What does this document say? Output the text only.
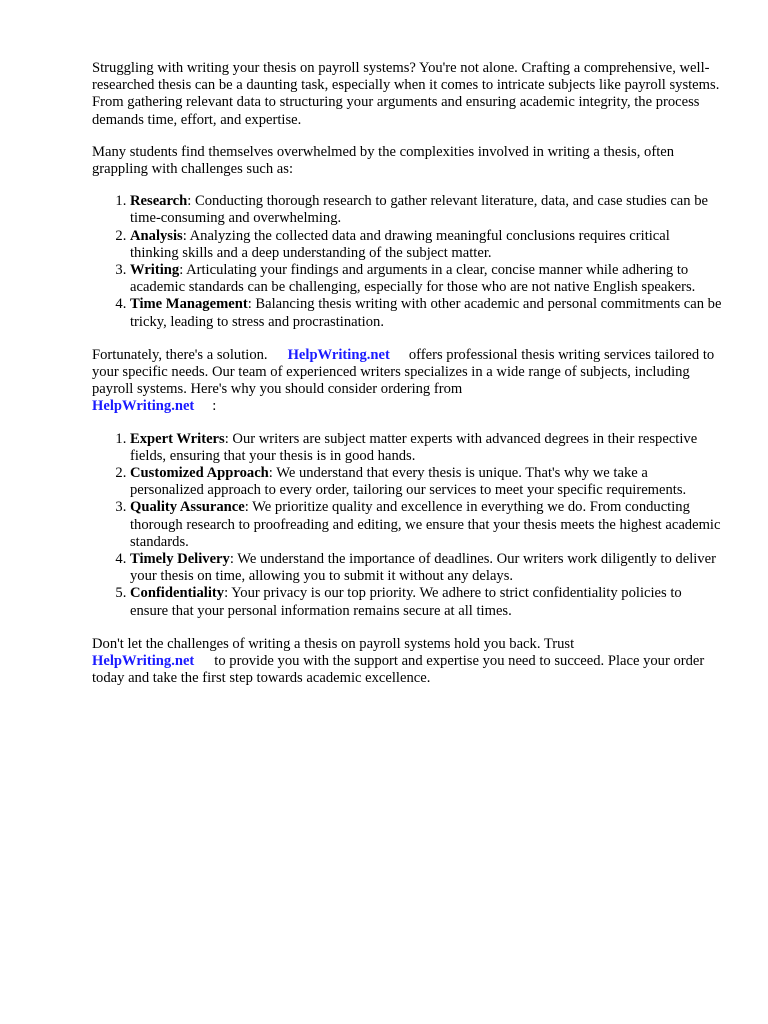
Struggling with writing your thesis on payroll systems? You're not alone. Crafting a comprehensive, well-researched thesis can be a daunting task, especially when it comes to intricate subjects like payroll systems. From gathering relevant data to structuring your arguments and ensuring academic integrity, the process demands time, effort, and expertise.

Many students find themselves overwhelmed by the complexities involved in writing a thesis, often grappling with challenges such as:

1. Research: Conducting thorough research to gather relevant literature, data, and case studies can be time-consuming and overwhelming.
2. Analysis: Analyzing the collected data and drawing meaningful conclusions requires critical thinking skills and a deep understanding of the subject matter.
3. Writing: Articulating your findings and arguments in a clear, concise manner while adhering to academic standards can be challenging, especially for those who are not native English speakers.
4. Time Management: Balancing thesis writing with other academic and personal commitments can be tricky, leading to stress and procrastination.

Fortunately, there's a solution. HelpWriting.net offers professional thesis writing services tailored to your specific needs. Our team of experienced writers specializes in a wide range of subjects, including payroll systems. Here's why you should consider ordering from
HelpWriting.net :

1. Expert Writers: Our writers are subject matter experts with advanced degrees in their respective fields, ensuring that your thesis is in good hands.
2. Customized Approach: We understand that every thesis is unique. That's why we take a personalized approach to every order, tailoring our services to meet your specific requirements.
3. Quality Assurance: We prioritize quality and excellence in everything we do. From conducting thorough research to proofreading and editing, we ensure that your thesis meets the highest academic standards.
4. Timely Delivery: We understand the importance of deadlines. Our writers work diligently to deliver your thesis on time, allowing you to submit it without any delays.
5. Confidentiality: Your privacy is our top priority. We adhere to strict confidentiality policies to ensure that your personal information remains secure at all times.

Don't let the challenges of writing a thesis on payroll systems hold you back. Trust
HelpWriting.net to provide you with the support and expertise you need to succeed. Place your order today and take the first step towards academic excellence.
